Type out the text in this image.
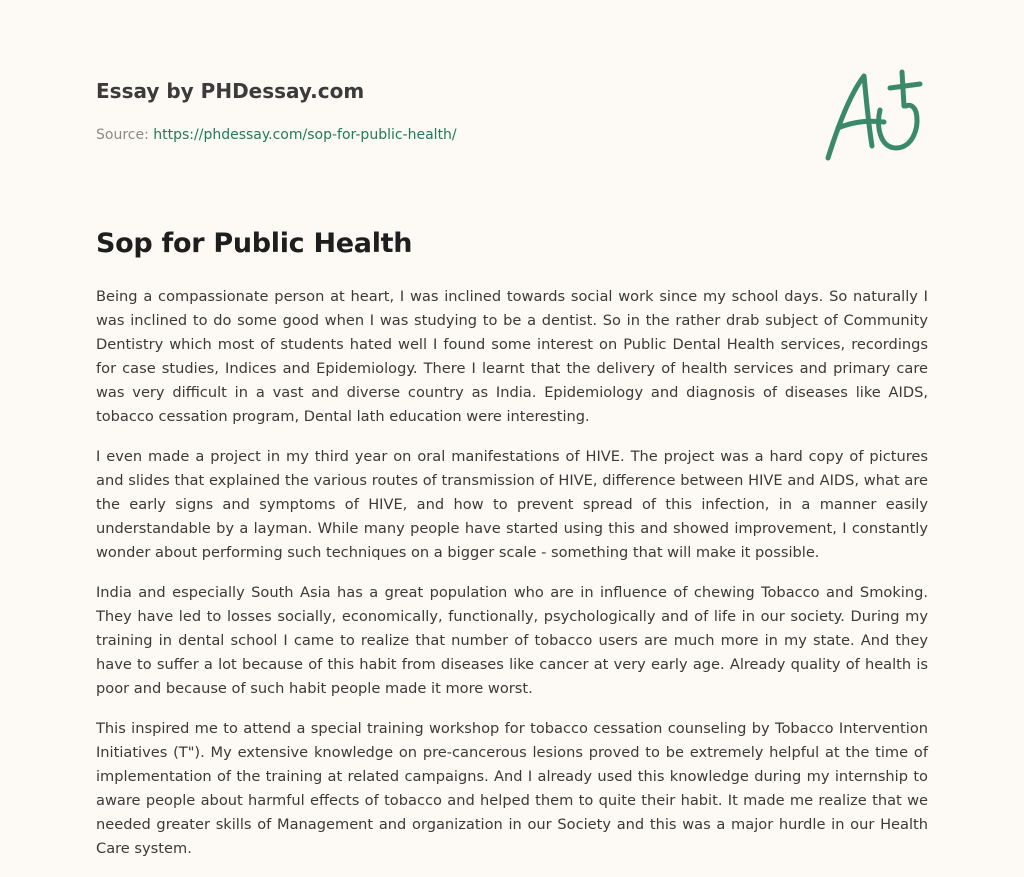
Essay by PHDessay.com
Source: https://phdessay.com/sop-for-public-health/
Sop for Public Health

Being a compassionate person at heart, I was inclined towards social work since my school days. So naturally I was inclined to do some good when I was studying to be a dentist. So in the rather drab subject of Community Dentistry which most of students hated well I found some interest on Public Dental Health services, recordings for case studies, Indices and Epidemiology. There I learnt that the delivery of health services and primary care was very difficult in a vast and diverse country as India. Epidemiology and diagnosis of diseases like AIDS, tobacco cessation program, Dental lath education were interesting.

I even made a project in my third year on oral manifestations of HIVE. The project was a hard copy of pictures and slides that explained the various routes of transmission of HIVE, difference between HIVE and AIDS, what are the early signs and symptoms of HIVE, and how to prevent spread of this infection, in a manner easily understandable by a layman. While many people have started using this and showed improvement, I constantly wonder about performing such techniques on a bigger scale - something that will make it possible.

India and especially South Asia has a great population who are in influence of chewing Tobacco and Smoking. They have led to losses socially, economically, functionally, psychologically and of life in our society. During my training in dental school I came to realize that number of tobacco users are much more in my state. And they have to suffer a lot because of this habit from diseases like cancer at very early age. Already quality of health is poor and because of such habit people made it more worst.

This inspired me to attend a special training workshop for tobacco cessation counseling by Tobacco Intervention Initiatives (T"). My extensive knowledge on pre-cancerous lesions proved to be extremely helpful at the time of implementation of the training at related campaigns. And I already used this knowledge during my internship to aware people about harmful effects of tobacco and helped them to quite their habit. It made me realize that we needed greater skills of Management and organization in our Society and this was a major hurdle in our Health Care system.
